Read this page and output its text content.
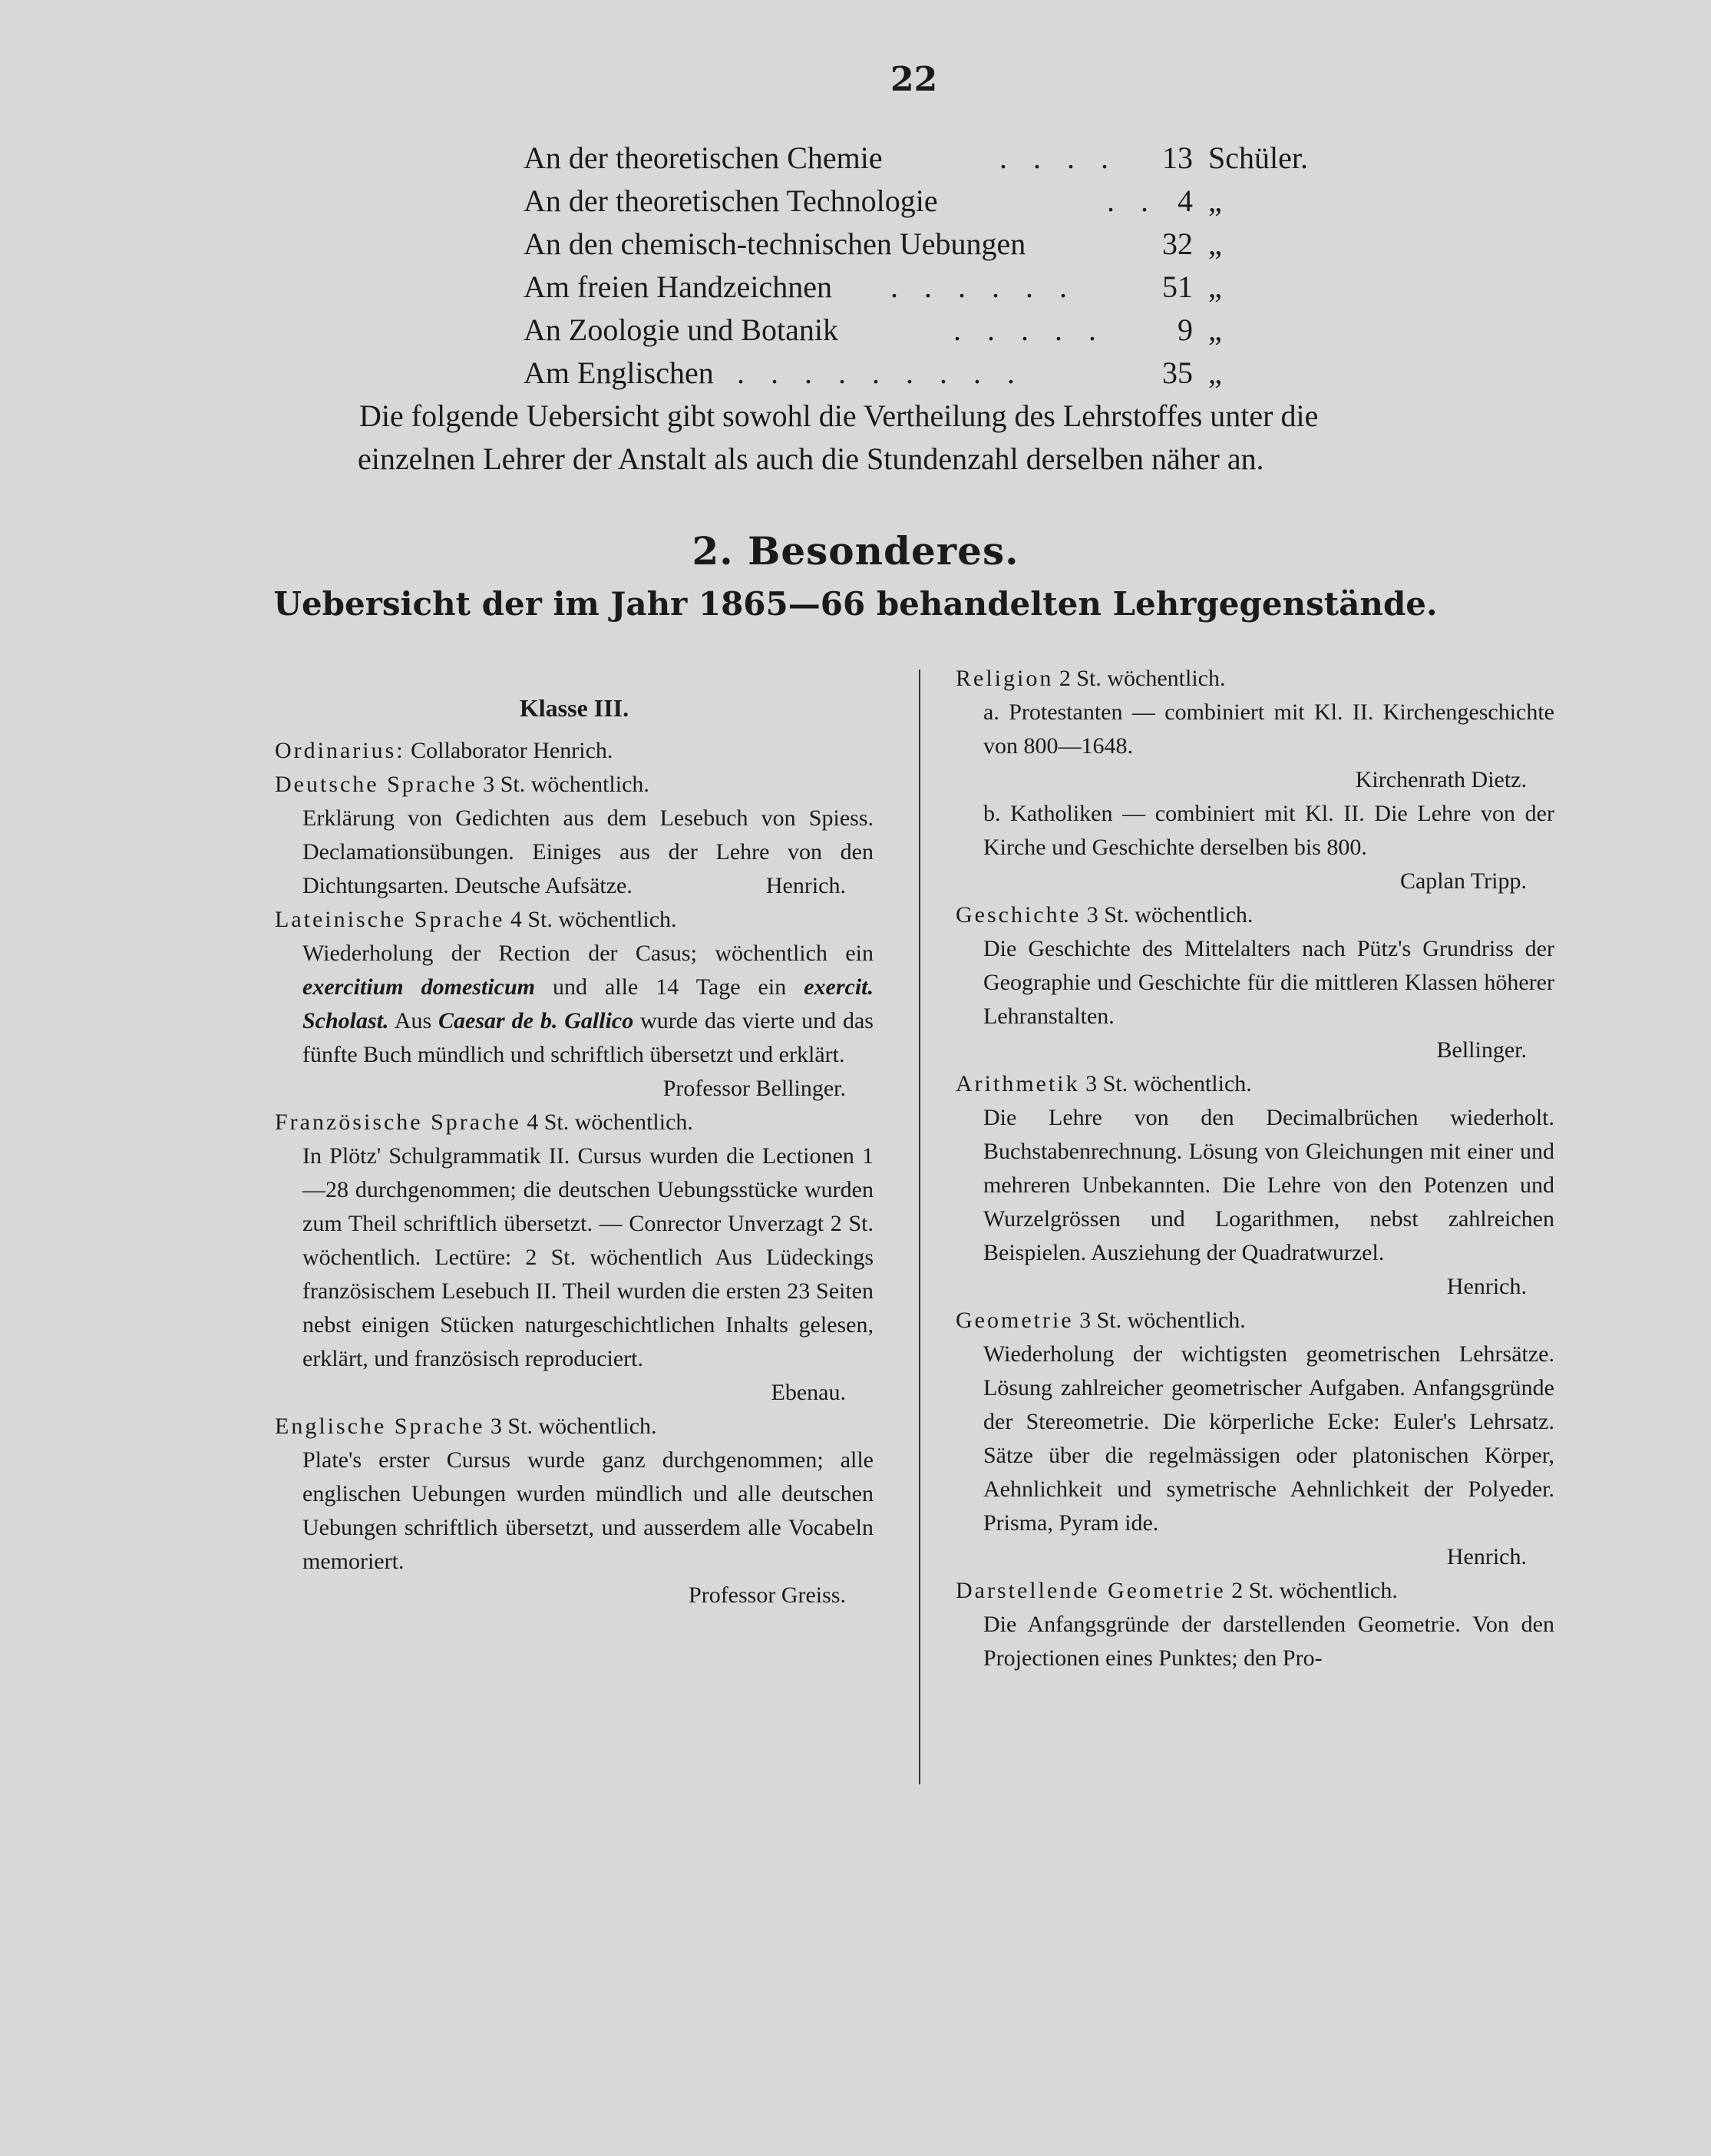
22
An der theoretischen Chemie	. . . .	13 Schüler.
An der theoretischen Technologie	. . 4 „
An den chemisch-technischen Uebungen	32 „
Am freien Handzeichnen . . . . . .	51 „
An Zoologie und Botanik	. . . . .	9 „
Am Englischen . . . . . . . . .	35 „
Die folgende Uebersicht gibt sowohl die Vertheilung des Lehrstoffes unter die
einzelnen Lehrer der Anstalt als auch die Stundenzahl derselben näher an.
2. Besonderes.
Uebersicht der im Jahr 1865—66 behandelten Lehrgegenstände.
Klasse III.
Ordinarius: Collaborator Henrich.
Deutsche Sprache 3 St. wöchentlich.
Erklärung von Gedichten aus dem Lesebuch von Spiess. Declamationsübungen. Einiges aus der Lehre von den Dichtungsarten. Deutsche Aufsätze.	Henrich.
Lateinische Sprache 4 St. wöchentlich.
Wiederholung der Rection der Casus; wöchentlich ein exercitium domesticum und alle 14 Tage ein exercit. Scholast. Aus Caesar de b. Gallico wurde das vierte und das fünfte Buch mündlich und schriftlich übersetzt und erklärt.
Professor Bellinger.
Französische Sprache 4 St. wöchentlich.
In Plötz' Schulgrammatik II. Cursus wurden die Lectionen 1—28 durchgenommen; die deutschen Uebungsstücke wurden zum Theil schriftlich übersetzt. — Conrector Unverzagt 2 St. wöchentlich. Lectüre: 2 St. wöchentlich Aus Lüdeckings französischem Lesebuch II. Theil wurden die ersten 23 Seiten nebst einigen Stücken naturgeschichtlichen Inhalts gelesen, erklärt, und französisch reproduciert.
Ebenau.
Englische Sprache 3 St. wöchentlich.
Plate's erster Cursus wurde ganz durchgenommen; alle englischen Uebungen wurden mündlich und alle deutschen Uebungen schriftlich übersetzt, und ausserdem alle Vocabeln memoriert.
Professor Greiss.
Religion 2 St. wöchentlich.
a. Protestanten — combiniert mit Kl. II. Kirchengeschichte von 800—1648.
Kirchenrath Dietz.
b. Katholiken — combiniert mit Kl. II. Die Lehre von der Kirche und Geschichte derselben bis 800.
Caplan Tripp.
Geschichte 3 St. wöchentlich.
Die Geschichte des Mittelalters nach Pütz's Grundriss der Geographie und Geschichte für die mittleren Klassen höherer Lehranstalten.
Bellinger.
Arithmetik 3 St. wöchentlich.
Die Lehre von den Decimalbrüchen wiederholt. Buchstabenrechnung. Lösung von Gleichungen mit einer und mehreren Unbekannten. Die Lehre von den Potenzen und Wurzelgrössen und Logarithmen, nebst zahlreichen Beispielen. Ausziehung der Quadratwurzel.
Henrich.
Geometrie 3 St. wöchentlich.
Wiederholung der wichtigsten geometrischen Lehrsätze. Lösung zahlreicher geometrischer Aufgaben. Anfangsgründe der Stereometrie. Die körperliche Ecke: Euler's Lehrsatz. Sätze über die regelmässigen oder platonischen Körper, Aehnlichkeit und symetrische Aehnlichkeit der Polyeder. Prisma, Pyram ide.
Henrich.
Darstellende Geometrie 2 St. wöchentlich.
Die Anfangsgründe der darstellenden Geometrie. Von den Projectionen eines Punktes; den Pro-
